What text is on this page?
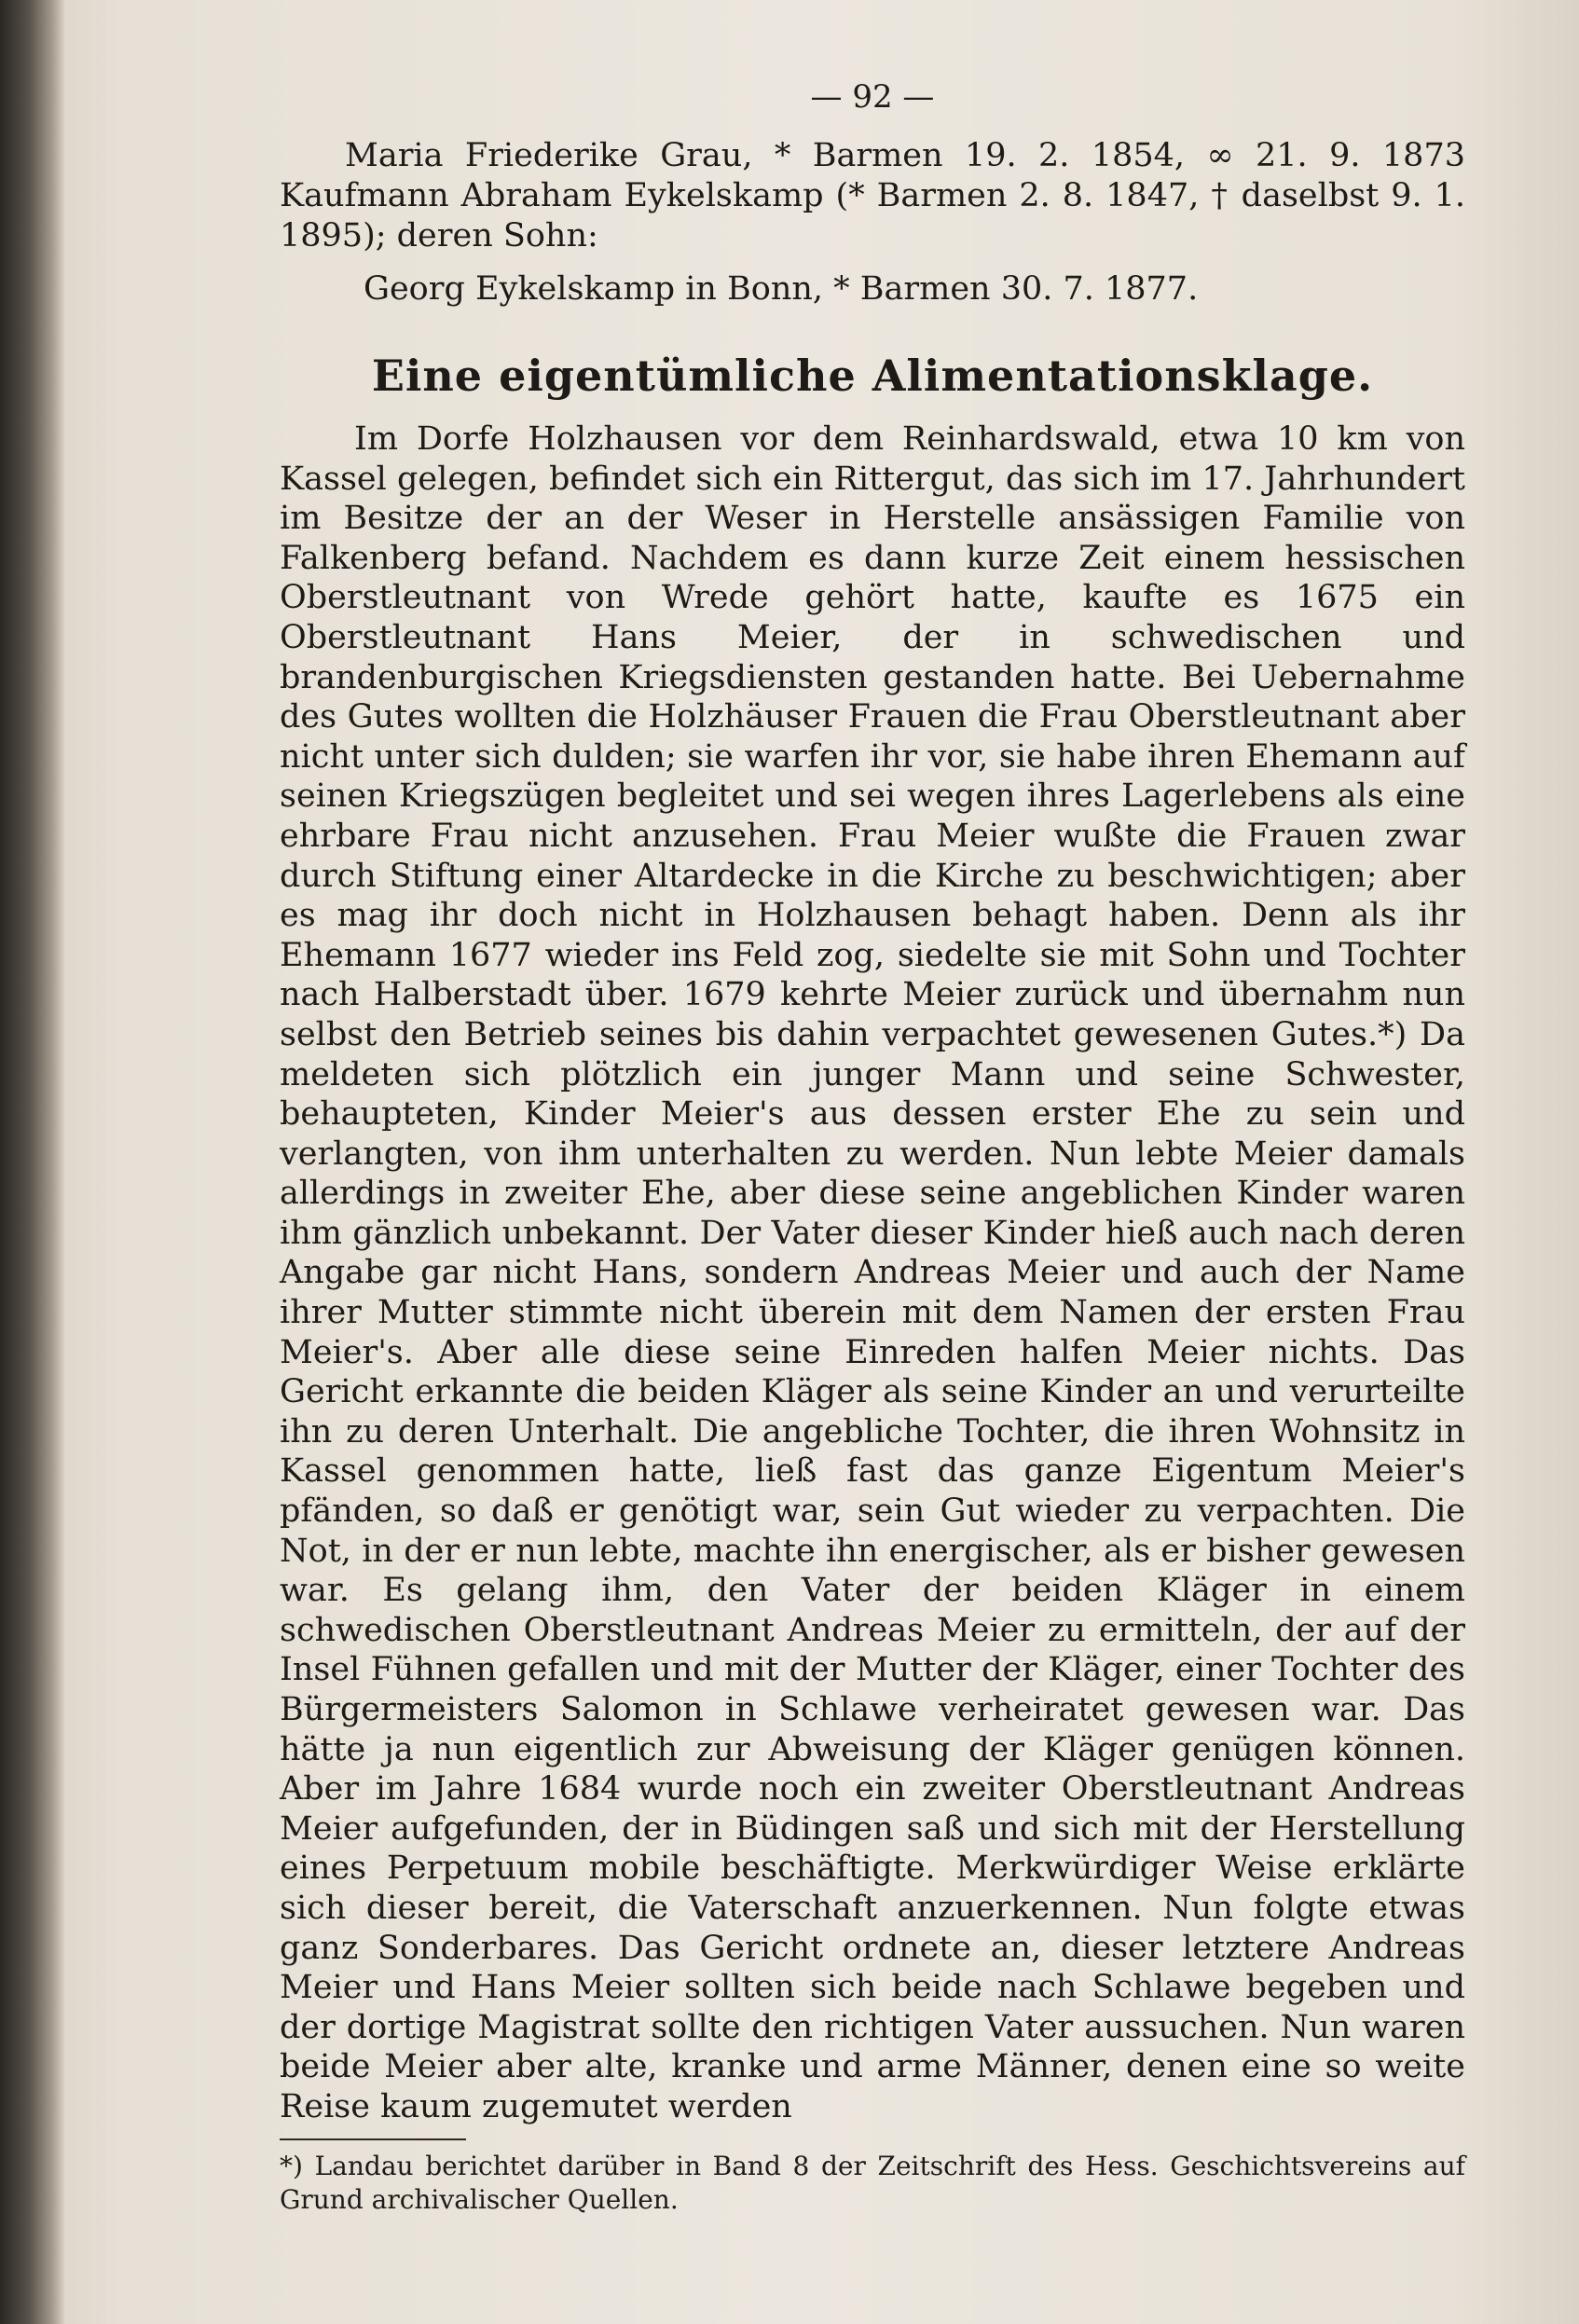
— 92 —

Maria Friederike Grau, * Barmen 19. 2. 1854, ∞ 21. 9. 1873 Kaufmann Abraham Eykelskamp (* Barmen 2. 8. 1847, † daselbst 9. 1. 1895); deren Sohn:

Georg Eykelskamp in Bonn, * Barmen 30. 7. 1877.

Eine eigentümliche Alimentationsklage.

Im Dorfe Holzhausen vor dem Reinhardswald, etwa 10 km von Kassel gelegen, befindet sich ein Rittergut, das sich im 17. Jahrhundert im Besitze der an der Weser in Herstelle ansässigen Familie von Falkenberg befand. Nachdem es dann kurze Zeit einem hessischen Oberstleutnant von Wrede gehört hatte, kaufte es 1675 ein Oberstleutnant Hans Meier, der in schwedischen und brandenburgischen Kriegsdiensten gestanden hatte. Bei Uebernahme des Gutes wollten die Holzhäuser Frauen die Frau Oberstleutnant aber nicht unter sich dulden; sie warfen ihr vor, sie habe ihren Ehemann auf seinen Kriegszügen begleitet und sei wegen ihres Lagerlebens als eine ehrbare Frau nicht anzusehen. Frau Meier wußte die Frauen zwar durch Stiftung einer Altardecke in die Kirche zu beschwichtigen; aber es mag ihr doch nicht in Holzhausen behagt haben. Denn als ihr Ehemann 1677 wieder ins Feld zog, siedelte sie mit Sohn und Tochter nach Halberstadt über. 1679 kehrte Meier zurück und übernahm nun selbst den Betrieb seines bis dahin verpachtet gewesenen Gutes.*) Da meldeten sich plötzlich ein junger Mann und seine Schwester, behaupteten, Kinder Meier's aus dessen erster Ehe zu sein und verlangten, von ihm unterhalten zu werden. Nun lebte Meier damals allerdings in zweiter Ehe, aber diese seine angeblichen Kinder waren ihm gänzlich unbekannt. Der Vater dieser Kinder hieß auch nach deren Angabe gar nicht Hans, sondern Andreas Meier und auch der Name ihrer Mutter stimmte nicht überein mit dem Namen der ersten Frau Meier's. Aber alle diese seine Einreden halfen Meier nichts. Das Gericht erkannte die beiden Kläger als seine Kinder an und verurteilte ihn zu deren Unterhalt. Die angebliche Tochter, die ihren Wohnsitz in Kassel genommen hatte, ließ fast das ganze Eigentum Meier's pfänden, so daß er genötigt war, sein Gut wieder zu verpachten. Die Not, in der er nun lebte, machte ihn energischer, als er bisher gewesen war. Es gelang ihm, den Vater der beiden Kläger in einem schwedischen Oberstleutnant Andreas Meier zu ermitteln, der auf der Insel Fühnen gefallen und mit der Mutter der Kläger, einer Tochter des Bürgermeisters Salomon in Schlawe verheiratet gewesen war. Das hätte ja nun eigentlich zur Abweisung der Kläger genügen können. Aber im Jahre 1684 wurde noch ein zweiter Oberstleutnant Andreas Meier aufgefunden, der in Büdingen saß und sich mit der Herstellung eines Perpetuum mobile beschäftigte. Merkwürdiger Weise erklärte sich dieser bereit, die Vaterschaft anzuerkennen. Nun folgte etwas ganz Sonderbares. Das Gericht ordnete an, dieser letztere Andreas Meier und Hans Meier sollten sich beide nach Schlawe begeben und der dortige Magistrat sollte den richtigen Vater aussuchen. Nun waren beide Meier aber alte, kranke und arme Männer, denen eine so weite Reise kaum zugemutet werden

*) Landau berichtet darüber in Band 8 der Zeitschrift des Hess. Geschichtsvereins auf Grund archivalischer Quellen.
